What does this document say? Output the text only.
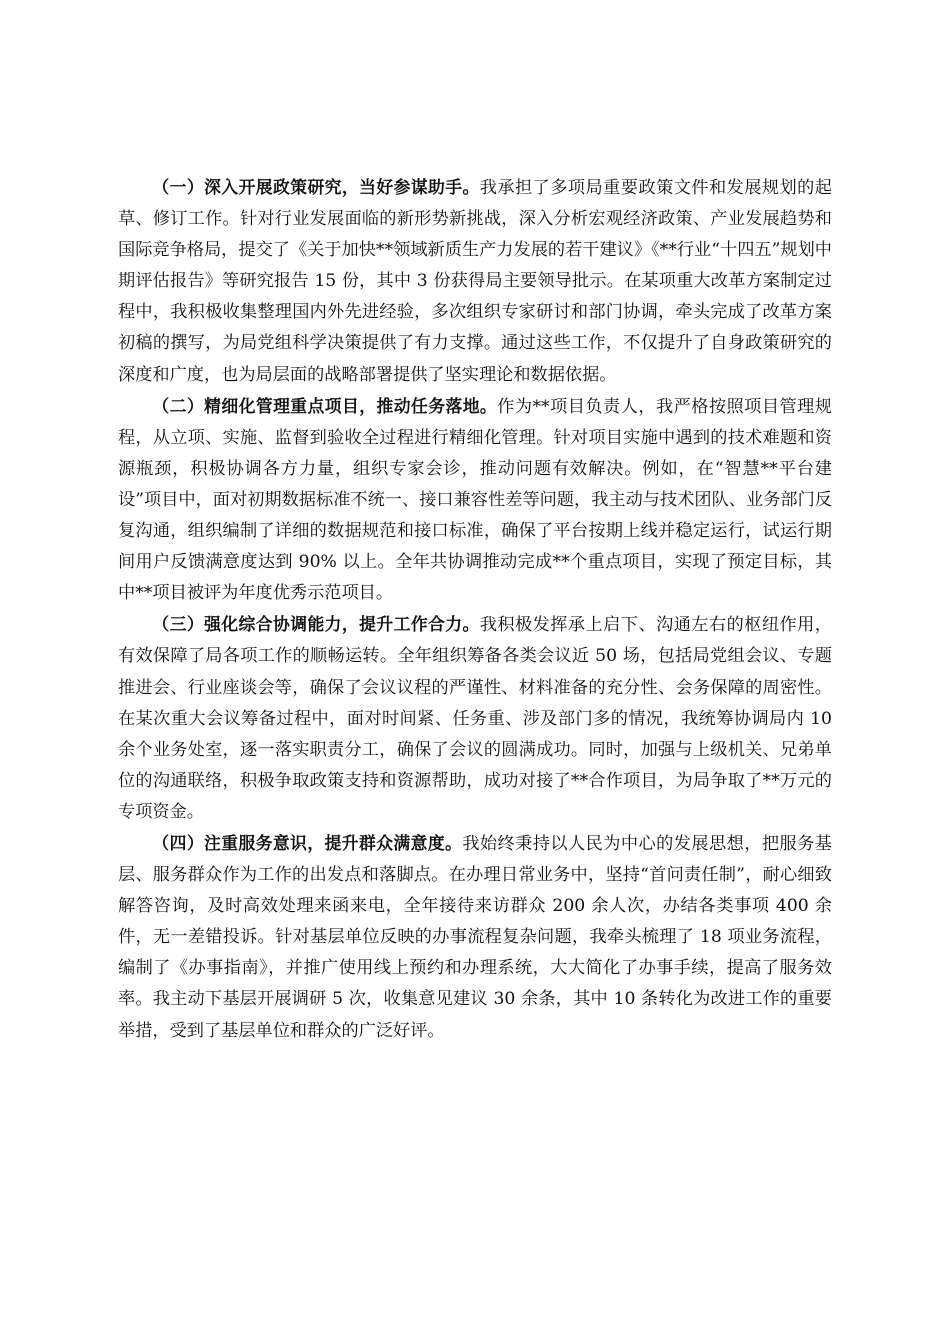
（一）深入开展政策研究，当好参谋助手。我承担了多项局重要政策文件和发展规划的起草、修订工作。针对行业发展面临的新形势新挑战，深入分析宏观经济政策、产业发展趋势和国际竞争格局，提交了《关于加快**领域新质生产力发展的若干建议》《**行业“十四五”规划中期评估报告》等研究报告 15 份，其中 3 份获得局主要领导批示。在某项重大改革方案制定过程中，我积极收集整理国内外先进经验，多次组织专家研讨和部门协调，牵头完成了改革方案初稿的撰写，为局党组科学决策提供了有力支撑。通过这些工作，不仅提升了自身政策研究的深度和广度，也为局层面的战略部署提供了坚实理论和数据依据。

（二）精细化管理重点项目，推动任务落地。作为**项目负责人，我严格按照项目管理规程，从立项、实施、监督到验收全过程进行精细化管理。针对项目实施中遇到的技术难题和资源瓶颈，积极协调各方力量，组织专家会诊，推动问题有效解决。例如，在“智慧**平台建设”项目中，面对初期数据标准不统一、接口兼容性差等问题，我主动与技术团队、业务部门反复沟通，组织编制了详细的数据规范和接口标准，确保了平台按期上线并稳定运行，试运行期间用户反馈满意度达到 90% 以上。全年共协调推动完成**个重点项目，实现了预定目标，其中**项目被评为年度优秀示范项目。

（三）强化综合协调能力，提升工作合力。我积极发挥承上启下、沟通左右的枢纽作用，有效保障了局各项工作的顺畅运转。全年组织筹备各类会议近 50 场，包括局党组会议、专题推进会、行业座谈会等，确保了会议议程的严谨性、材料准备的充分性、会务保障的周密性。在某次重大会议筹备过程中，面对时间紧、任务重、涉及部门多的情况，我统筹协调局内 10 余个业务处室，逐一落实职责分工，确保了会议的圆满成功。同时，加强与上级机关、兄弟单位的沟通联络，积极争取政策支持和资源帮助，成功对接了**合作项目，为局争取了**万元的专项资金。

（四）注重服务意识，提升群众满意度。我始终秉持以人民为中心的发展思想，把服务基层、服务群众作为工作的出发点和落脚点。在办理日常业务中，坚持“首问责任制”，耐心细致解答咨询，及时高效处理来函来电，全年接待来访群众 200 余人次，办结各类事项 400 余件，无一差错投诉。针对基层单位反映的办事流程复杂问题，我牵头梳理了 18 项业务流程，编制了《办事指南》，并推广使用线上预约和办理系统，大大简化了办事手续，提高了服务效率。我主动下基层开展调研 5 次，收集意见建议 30 余条，其中 10 条转化为改进工作的重要举措，受到了基层单位和群众的广泛好评。
